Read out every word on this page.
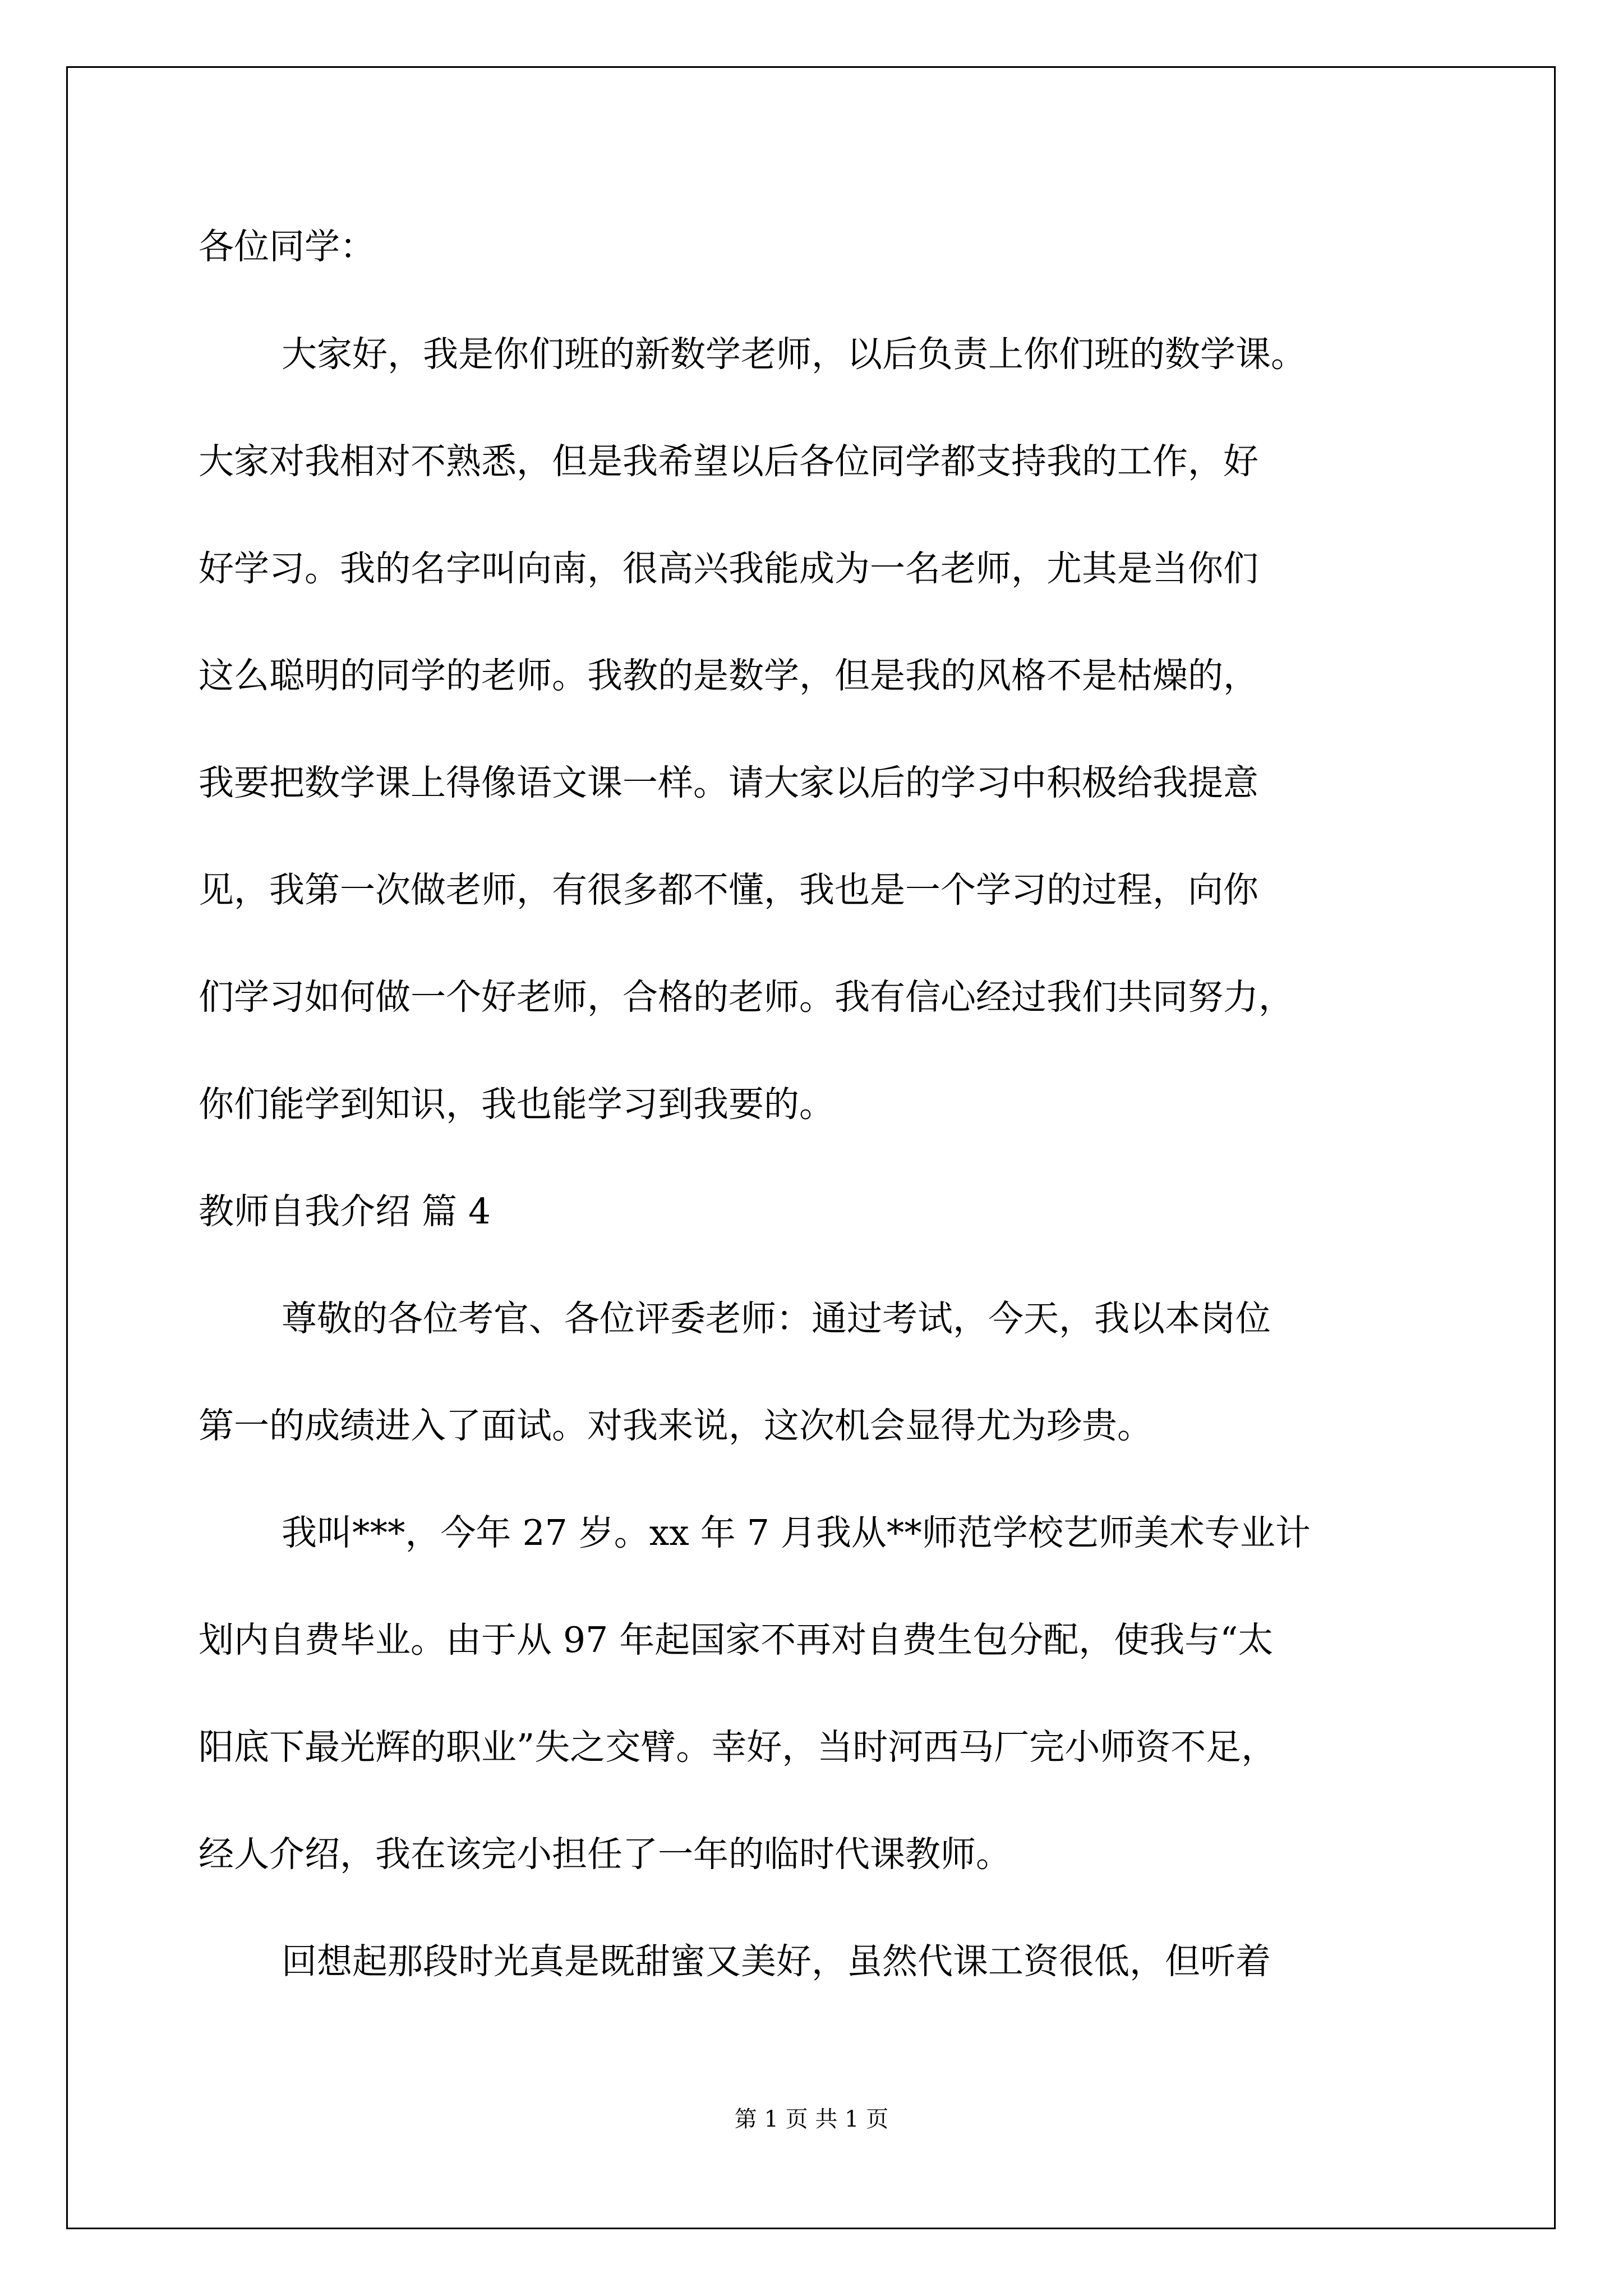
各位同学：
大家好，我是你们班的新数学老师，以后负责上你们班的数学课。
大家对我相对不熟悉，但是我希望以后各位同学都支持我的工作，好
好学习。我的名字叫向南，很高兴我能成为一名老师，尤其是当你们
这么聪明的同学的老师。我教的是数学，但是我的风格不是枯燥的，
我要把数学课上得像语文课一样。请大家以后的学习中积极给我提意
见，我第一次做老师，有很多都不懂，我也是一个学习的过程，向你
们学习如何做一个好老师，合格的老师。我有信心经过我们共同努力，
你们能学到知识，我也能学习到我要的。
教师自我介绍 篇 4
尊敬的各位考官、各位评委老师：通过考试，今天，我以本岗位
第一的成绩进入了面试。对我来说，这次机会显得尤为珍贵。
我叫***，今年 27 岁。xx 年 7 月我从**师范学校艺师美术专业计
划内自费毕业。由于从 97 年起国家不再对自费生包分配，使我与“太
阳底下最光辉的职业”失之交臂。幸好，当时河西马厂完小师资不足，
经人介绍，我在该完小担任了一年的临时代课教师。
回想起那段时光真是既甜蜜又美好，虽然代课工资很低，但听着
第 1 页 共 1 页
